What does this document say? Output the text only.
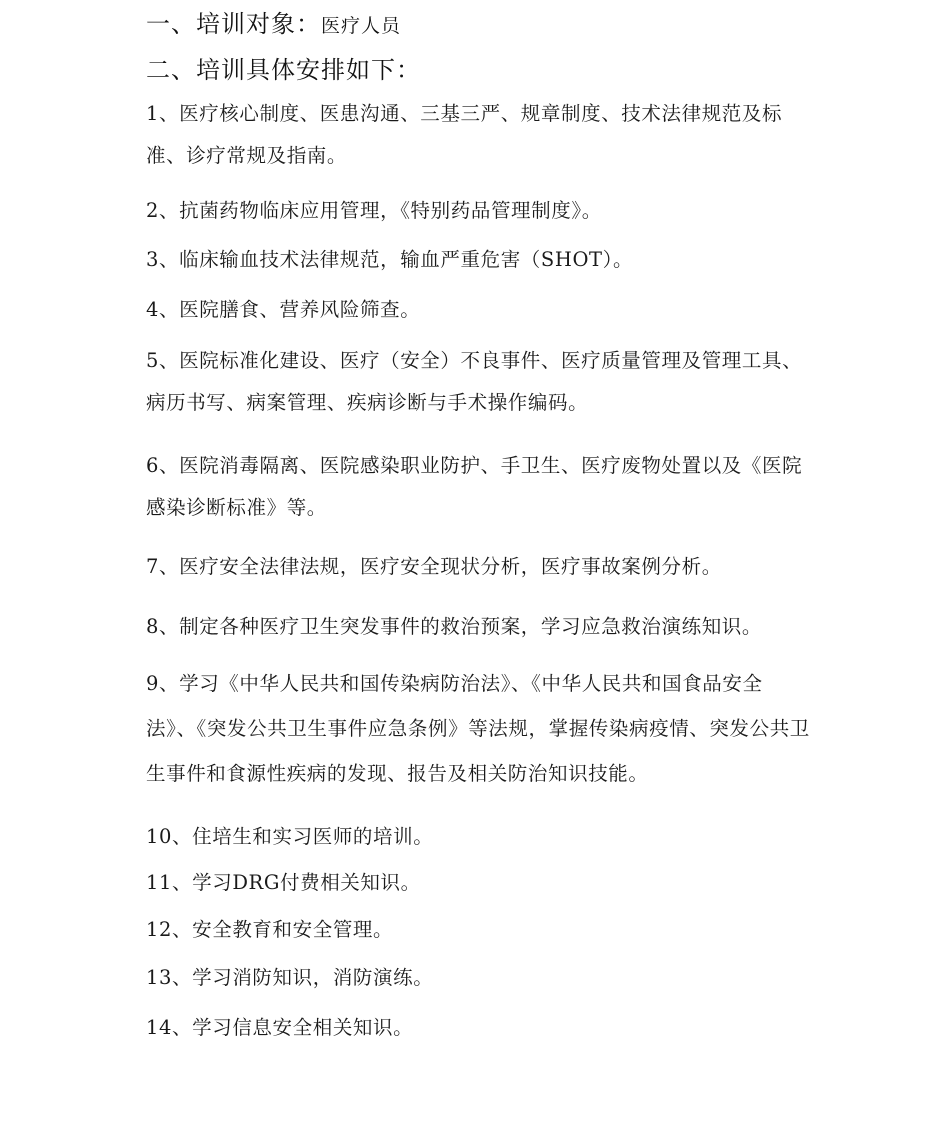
一、培训对象：医疗人员
二、培训具体安排如下：
1、医疗核心制度、医患沟通、三基三严、规章制度、技术法律规范及标准、诊疗常规及指南。
2、抗菌药物临床应用管理，《特别药品管理制度》。
3、临床输血技术法律规范，输血严重危害（SHOT）。
4、医院膳食、营养风险筛查。
5、医院标准化建设、医疗（安全）不良事件、医疗质量管理及管理工具、病历书写、病案管理、疾病诊断与手术操作编码。
6、医院消毒隔离、医院感染职业防护、手卫生、医疗废物处置以及《医院感染诊断标准》等。
7、医疗安全法律法规，医疗安全现状分析，医疗事故案例分析。
8、制定各种医疗卫生突发事件的救治预案，学习应急救治演练知识。
9、学习《中华人民共和国传染病防治法》、《中华人民共和国食品安全法》、《突发公共卫生事件应急条例》等法规，掌握传染病疫情、突发公共卫生事件和食源性疾病的发现、报告及相关防治知识技能。
10、住培生和实习医师的培训。
11、学习DRG付费相关知识。
12、安全教育和安全管理。
13、学习消防知识，消防演练。
14、学习信息安全相关知识。
